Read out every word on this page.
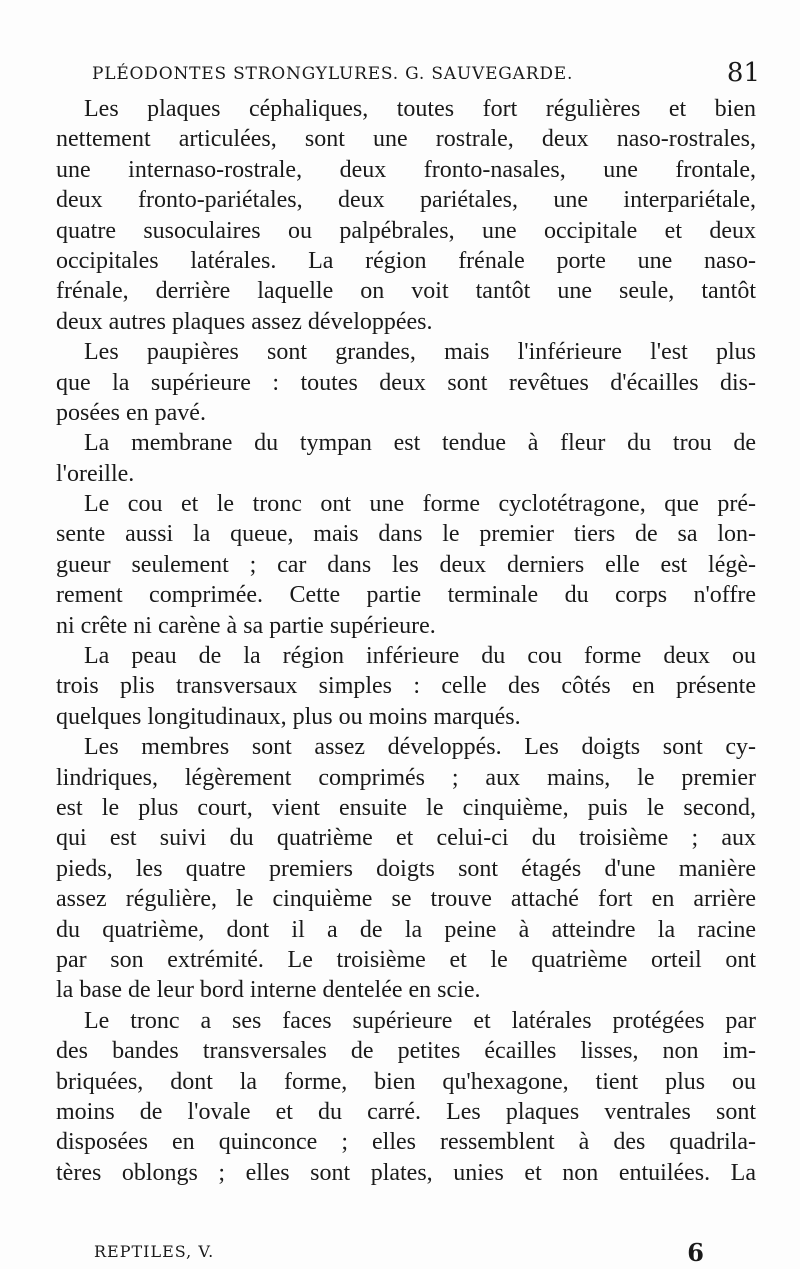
PLÉODONTES STRONGYLURES. G. SAUVEGARDE.	81
Les plaques céphaliques, toutes fort régulières et bien
nettement articulées, sont une rostrale, deux naso-rostrales,
une internaso-rostrale, deux fronto-nasales, une frontale,
deux fronto-pariétales, deux pariétales, une interpariétale,
quatre susoculaires ou palpébrales, une occipitale et deux
occipitales latérales. La région frénale porte une naso-
frénale, derrière laquelle on voit tantôt une seule, tantôt
deux autres plaques assez développées.
Les paupières sont grandes, mais l'inférieure l'est plus
que la supérieure : toutes deux sont revêtues d'écailles dis-
posées en pavé.
La membrane du tympan est tendue à fleur du trou de
l'oreille.
Le cou et le tronc ont une forme cyclotétragone, que pré-
sente aussi la queue, mais dans le premier tiers de sa lon-
gueur seulement ; car dans les deux derniers elle est légè-
rement comprimée. Cette partie terminale du corps n'offre
ni crête ni carène à sa partie supérieure.
La peau de la région inférieure du cou forme deux ou
trois plis transversaux simples : celle des côtés en présente
quelques longitudinaux, plus ou moins marqués.
Les membres sont assez développés. Les doigts sont cy-
lindriques, légèrement comprimés ; aux mains, le premier
est le plus court, vient ensuite le cinquième, puis le second,
qui est suivi du quatrième et celui-ci du troisième ; aux
pieds, les quatre premiers doigts sont étagés d'une manière
assez régulière, le cinquième se trouve attaché fort en arrière
du quatrième, dont il a de la peine à atteindre la racine
par son extrémité. Le troisième et le quatrième orteil ont
la base de leur bord interne dentelée en scie.
Le tronc a ses faces supérieure et latérales protégées par
des bandes transversales de petites écailles lisses, non im-
briquées, dont la forme, bien qu'hexagone, tient plus ou
moins de l'ovale et du carré. Les plaques ventrales sont
disposées en quinconce ; elles ressemblent à des quadrila-
tères oblongs ; elles sont plates, unies et non entuilées. La
REPTILES, V.	6
